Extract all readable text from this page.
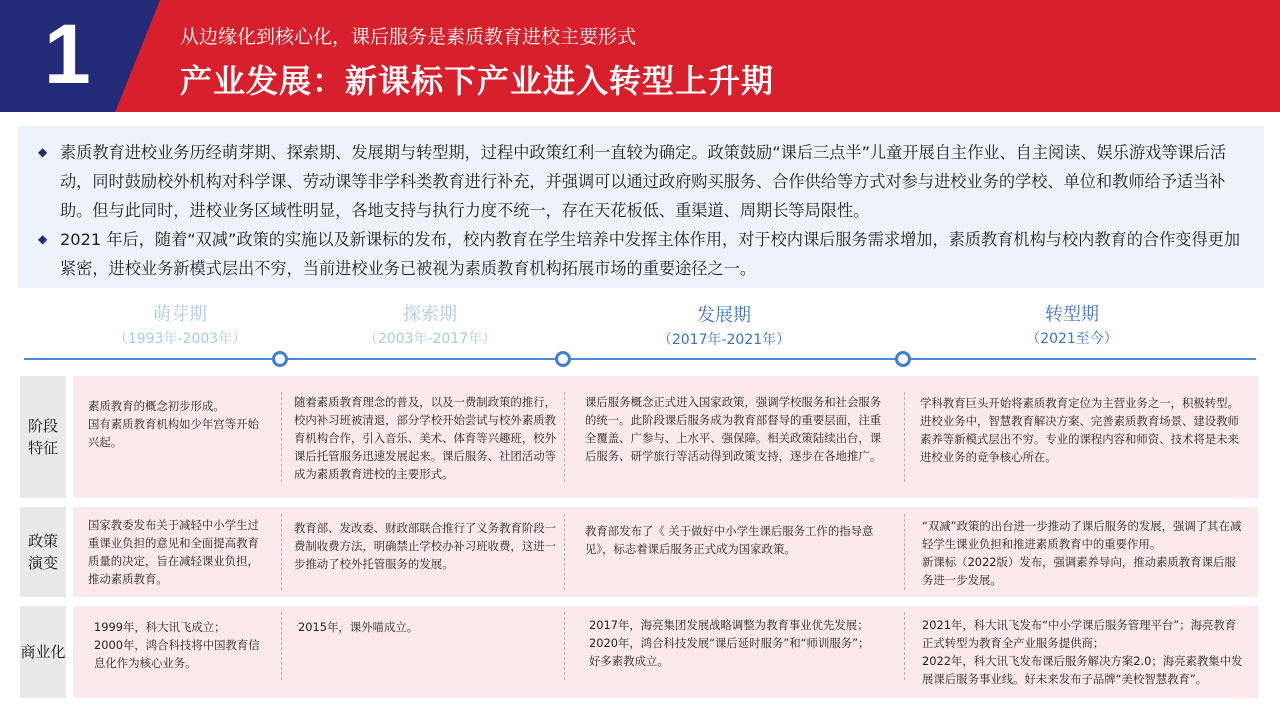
1	从边缘化到核心化，课后服务是素质教育进校主要形式
产业发展：新课标下产业进入转型上升期
◆ 素质教育进校业务历经萌芽期、探索期、发展期与转型期，过程中政策红利一直较为确定。政策鼓励“课后三点半”儿童开展自主作业、自主阅读、娱乐游戏等课后活动，同时鼓励校外机构对科学课、劳动课等非学科类教育进行补充，并强调可以通过政府购买服务、合作供给等方式对参与进校业务的学校、单位和教师给予适当补助。但与此同时，进校业务区域性明显，各地支持与执行力度不统一，存在天花板低、重渠道、周期长等局限性。
◆ 2021 年后，随着“双减”政策的实施以及新课标的发布，校内教育在学生培养中发挥主体作用，对于校内课后服务需求增加，素质教育机构与校内教育的合作变得更加紧密，进校业务新模式层出不穷，当前进校业务已被视为素质教育机构拓展市场的重要途径之一。
萌芽期
（1993年-2003年）
探索期
（2003年-2017年）
发展期
（2017年-2021年）
转型期
（2021至今）
阶段特征
素质教育的概念初步形成。
国有素质教育机构如少年宫等开始兴起。
随着素质教育理念的普及，以及一费制政策的推行，校内补习班被清退，部分学校开始尝试与校外素质教育机构合作，引入音乐、美术、体育等兴趣班，校外课后托管服务迅速发展起来。课后服务、社团活动等成为素质教育进校的主要形式。
课后服务概念正式进入国家政策，强调学校服务和社会服务的统一。此阶段课后服务成为教育部督导的重要层面，注重全覆盖、广参与、上水平、强保障。相关政策陆续出台，课后服务、研学旅行等活动得到政策支持，逐步在各地推广。
学科教育巨头开始将素质教育定位为主营业务之一，积极转型。
进校业务中，智慧教育解决方案、完善素质教育场景、建设教师素养等新模式层出不穷。专业的课程内容和师资、技术将是未来进校业务的竞争核心所在。
政策演变
国家教委发布关于减轻中小学生过重课业负担的意见和全面提高教育质量的决定，旨在减轻课业负担，推动素质教育。
教育部、发改委、财政部联合推行了义务教育阶段一费制收费方法，明确禁止学校办补习班收费，这进一步推动了校外托管服务的发展。
教育部发布了《 关于做好中小学生课后服务工作的指导意见》，标志着课后服务正式成为国家政策。
“双减”政策的出台进一步推动了课后服务的发展，强调了其在减轻学生课业负担和推进素质教育中的重要作用。
新课标（2022版）发布，强调素养导向，推动素质教育课后服务进一步发展。
商业化
1999年，科大讯飞成立；
2000年，鸿合科技将中国教育信息化作为核心业务。
2015年，课外喵成立。	2017年，海亮集团发展战略调整为教育事业优先发展；
2020年，鸿合科技发展“课后延时服务”和“师训服务”；
好多素教成立。
2021年，科大讯飞发布“中小学课后服务管理平台”；海亮教育正式转型为教育全产业服务提供商；
2022年，科大讯飞发布课后服务解决方案2.0；海亮素教集中发展课后服务事业线。好未来发布子品牌“美校智慧教育”。
